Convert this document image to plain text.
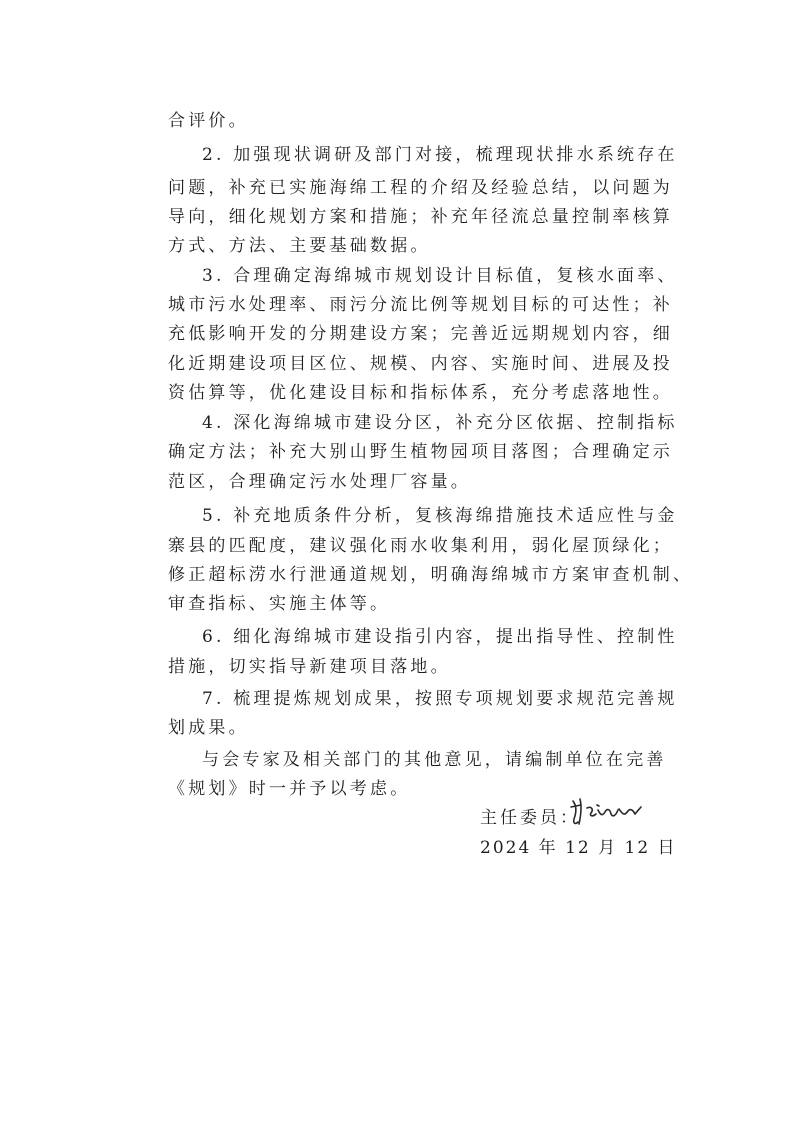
合评价。
2. 加强现状调研及部门对接，梳理现状排水系统存在
问题，补充已实施海绵工程的介绍及经验总结，以问题为
导向，细化规划方案和措施；补充年径流总量控制率核算
方式、方法、主要基础数据。
3. 合理确定海绵城市规划设计目标值，复核水面率、
城市污水处理率、雨污分流比例等规划目标的可达性；补
充低影响开发的分期建设方案；完善近远期规划内容，细
化近期建设项目区位、规模、内容、实施时间、进展及投
资估算等，优化建设目标和指标体系，充分考虑落地性。
4. 深化海绵城市建设分区，补充分区依据、控制指标
确定方法；补充大别山野生植物园项目落图；合理确定示
范区，合理确定污水处理厂容量。
5. 补充地质条件分析，复核海绵措施技术适应性与金
寨县的匹配度，建议强化雨水收集利用，弱化屋顶绿化；
修正超标涝水行泄通道规划，明确海绵城市方案审查机制、
审查指标、实施主体等。
6. 细化海绵城市建设指引内容，提出指导性、控制性
措施，切实指导新建项目落地。
7. 梳理提炼规划成果，按照专项规划要求规范完善规
划成果。
与会专家及相关部门的其他意见，请编制单位在完善
《规划》时一并予以考虑。
主任委员：
2024 年 12 月 12 日
